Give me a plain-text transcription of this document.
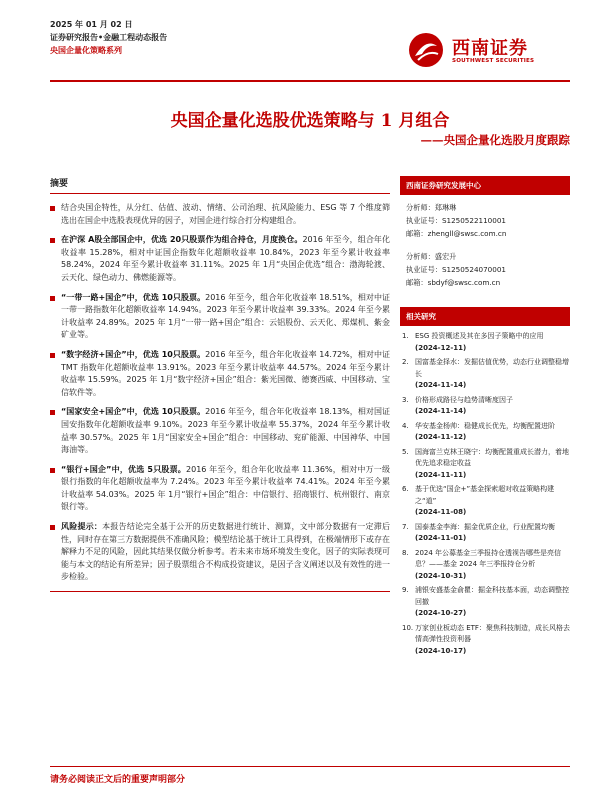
2025 年 01 月 02 日
证券研究报告•金融工程动态报告
央国企量化策略系列	西南证券
SOUTHWEST SECURITIES
央国企量化选股优选策略与 1 月组合
——央国企量化选股月度跟踪
摘要
结合央国企特性，从分红、估值、波动、情绪、公司治理、抗风险能力、ESG 等 7 个维度筛选出在国企中选股表现优异的因子，对国企进行综合打分构建组合。
在沪深 A股全部国企中，优选 20只股票作为组合持仓，月度换仓。2016 年至今，组合年化收益率 15.28%，相对中证国企指数年化超额收益率 10.84%，2023 年至今累计收益率 58.24%，2024 年至今累计收益率 31.11%。2025 年 1月“央国企优选”组合：渤海轮渡、云天化、绿色动力、佛燃能源等。
“一带一路+国企”中，优选 10只股票。2016 年至今，组合年化收益率 18.51%，相对中证一带一路指数年化超额收益率 14.94%。2023 年至今累计收益率 39.33%。2024 年至今累计收益率 24.89%。2025 年 1月“一带一路+国企”组合：云铝股份、云天化、郑煤机、紫金矿业等。
“数字经济+国企”中，优选 10只股票。2016 年至今，组合年化收益率 14.72%，相对中证 TMT 指数年化超额收益率 13.91%。2023 年至今累计收益率 44.57%。2024 年至今累计收益率 15.59%。2025 年 1月“数字经济+国企”组合：紫光国微、德赛西威、中国移动、宝信软件等。
“国家安全+国企”中，优选 10只股票。2016 年至今，组合年化收益率 18.13%，相对国证国安指数年化超额收益率 9.10%。2023 年至今累计收益率 55.37%，2024 年至今累计收益率 30.57%。2025 年 1月“国家安全+国企”组合：中国移动、兖矿能源、中国神华、中国海油等。
“银行+国企”中，优选 5只股票。2016 年至今，组合年化收益率 11.36%，相对中万一级银行指数的年化超额收益率为 7.24%。2023 年至今累计收益率 74.41%。2024 年至今累计收益率 54.03%。2025 年 1月“银行+国企”组合：中信银行、招商银行、杭州银行、南京银行等。
风险提示：本报告结论完全基于公开的历史数据进行统计、测算，文中部分数据有一定滞后性，同时存在第三方数据提供不准确风险；模型结论基于统计工具得到，在极端情形下或存在解释力不足的风险，因此其结果仅做分析参考。若未来市场环境发生变化，因子的实际表现可能与本文的结论有所差异；因子股票组合不构成投资建议，是因子含义阐述以及有效性的进一步检验。
西南证券研究发展中心
分析师：郑琳琳
执业证号：S1250522110001
邮箱：zhengll@swsc.com.cn
分析师：盛宏升
执业证号：S1250524070001
邮箱：sbdyf@swsc.com.cn
相关研究
1. ESG 投资概述及其在多因子策略中的应用
(2024-12-11)
2. 国富基金择水：发掘估值优势，动态行业调整稳增长
(2024-11-14)
3. 价格形成路径与趋势清晰度因子
(2024-11-14)
4. 华安基金杨帅：稳健成长优先，均衡配置进阶
(2024-11-12)
5. 国海富兰克林王晓宁：均衡配置重成长潜力，着地优先追求稳定收益
(2024-11-11)
6. 基于优选“国企+”基金探索超对收益策略构建之“道”
(2024-11-08)
7. 国泰基金李海：掘金优质企业，行业配置均衡
(2024-11-01)
8. 2024 年公募基金三季报持仓透视告哪些是亮信息？——基金 2024 年三季报持仓分析
(2024-10-31)
9. 浦银安盛基金俞瞿：掘金科技基本面，动态调整控回撤
(2024-10-27)
10. 万家创业板动态 ETF：聚焦科技制造，成长风格去情高弹性投资利器
(2024-10-17)
请务必阅读正文后的重要声明部分
